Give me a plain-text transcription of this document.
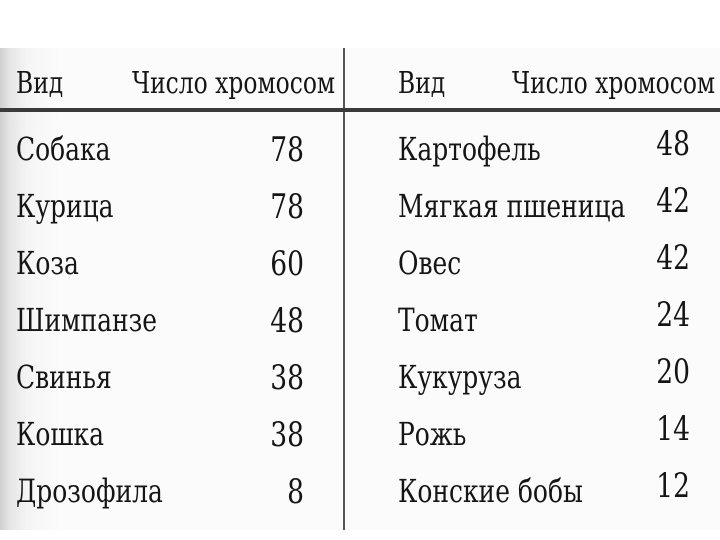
Вид Число хромосом Вид Число хромосом
Собака	78
Курица	78
Коза	60
Шимпанзе	48
Свинья	38
Кошка	38
Дрозофила	8
Картофель	48
Мягкая пшеница 42
Овес	42
Томат	24
Кукуруза	20
Рожь	14
Конские бобы	12
